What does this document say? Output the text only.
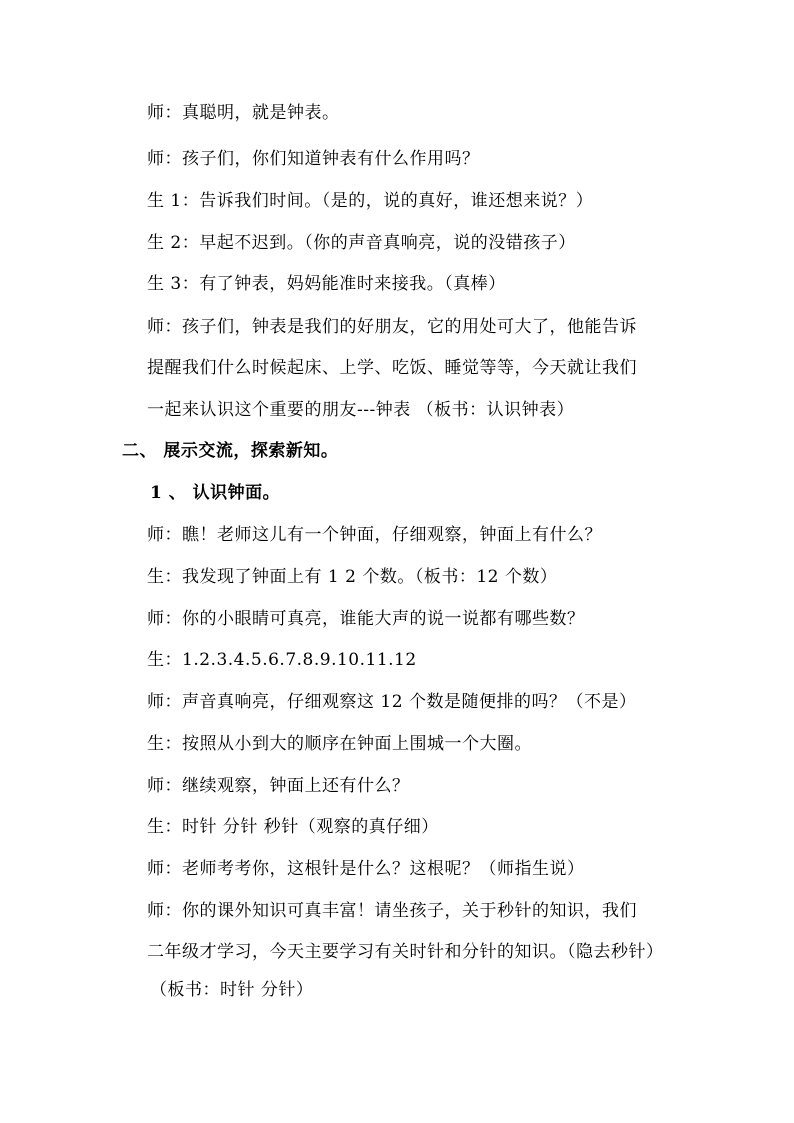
师：真聪明，就是钟表。
师：孩子们，你们知道钟表有什么作用吗？
生 1：告诉我们时间。（是的，说的真好，谁还想来说？）
生 2：早起不迟到。（你的声音真响亮，说的没错孩子）
生 3：有了钟表，妈妈能准时来接我。（真棒）
师：孩子们，钟表是我们的好朋友，它的用处可大了，他能告诉
提醒我们什么时候起床、上学、吃饭、睡觉等等，今天就让我们
一起来认识这个重要的朋友---钟表 （板书：认识钟表）
二、 展示交流，探索新知。
1 、 认识钟面。
师：瞧！老师这儿有一个钟面，仔细观察，钟面上有什么？
生：我发现了钟面上有 1 2 个数。（板书：12 个数）
师：你的小眼睛可真亮，谁能大声的说一说都有哪些数？
生：1.2.3.4.5.6.7.8.9.10.11.12
师：声音真响亮，仔细观察这 12 个数是随便排的吗？（不是）
生：按照从小到大的顺序在钟面上围城一个大圈。
师：继续观察，钟面上还有什么？
生：时针 分针 秒针（观察的真仔细）
师：老师考考你，这根针是什么？这根呢？（师指生说）
师：你的课外知识可真丰富！请坐孩子，关于秒针的知识，我们
二年级才学习，今天主要学习有关时针和分针的知识。（隐去秒针）
（板书：时针 分针）
